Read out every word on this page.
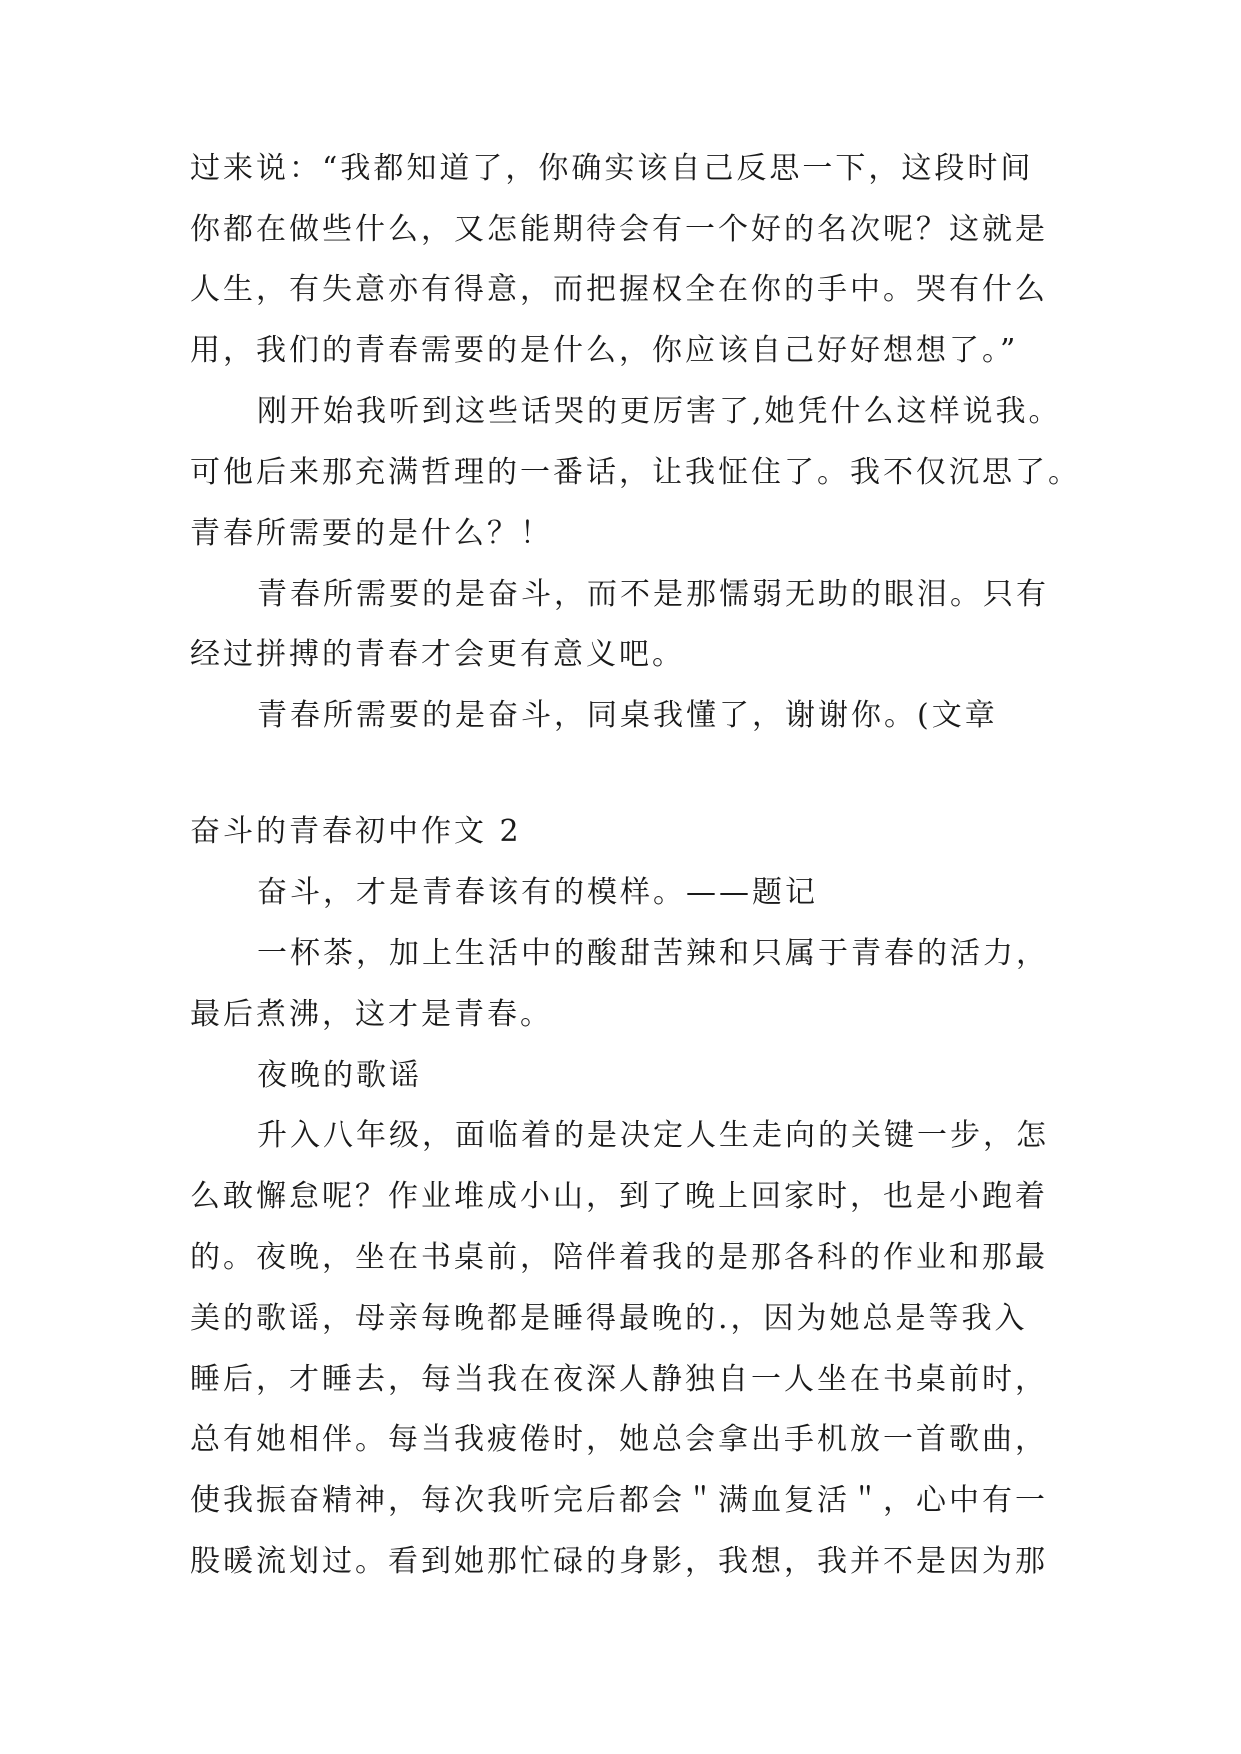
过来说：“我都知道了，你确实该自己反思一下，这段时间
你都在做些什么，又怎能期待会有一个好的名次呢？这就是
人生，有失意亦有得意，而把握权全在你的手中。哭有什么
用，我们的青春需要的是什么，你应该自己好好想想了。”
刚开始我听到这些话哭的更厉害了,她凭什么这样说我。
可他后来那充满哲理的一番话，让我怔住了。我不仅沉思了。
青春所需要的是什么？！
青春所需要的是奋斗，而不是那懦弱无助的眼泪。只有
经过拼搏的青春才会更有意义吧。
青春所需要的是奋斗，同桌我懂了，谢谢你。(文章
奋斗的青春初中作文 2
奋斗，才是青春该有的模样。——题记
一杯茶，加上生活中的酸甜苦辣和只属于青春的活力，
最后煮沸，这才是青春。
夜晚的歌谣
升入八年级，面临着的是决定人生走向的关键一步，怎
么敢懈怠呢？作业堆成小山，到了晚上回家时，也是小跑着
的。夜晚，坐在书桌前，陪伴着我的是那各科的作业和那最
美的歌谣，母亲每晚都是睡得最晚的.，因为她总是等我入
睡后，才睡去，每当我在夜深人静独自一人坐在书桌前时，
总有她相伴。每当我疲倦时，她总会拿出手机放一首歌曲，
使我振奋精神，每次我听完后都会＂满血复活＂，心中有一
股暖流划过。看到她那忙碌的身影，我想，我并不是因为那
